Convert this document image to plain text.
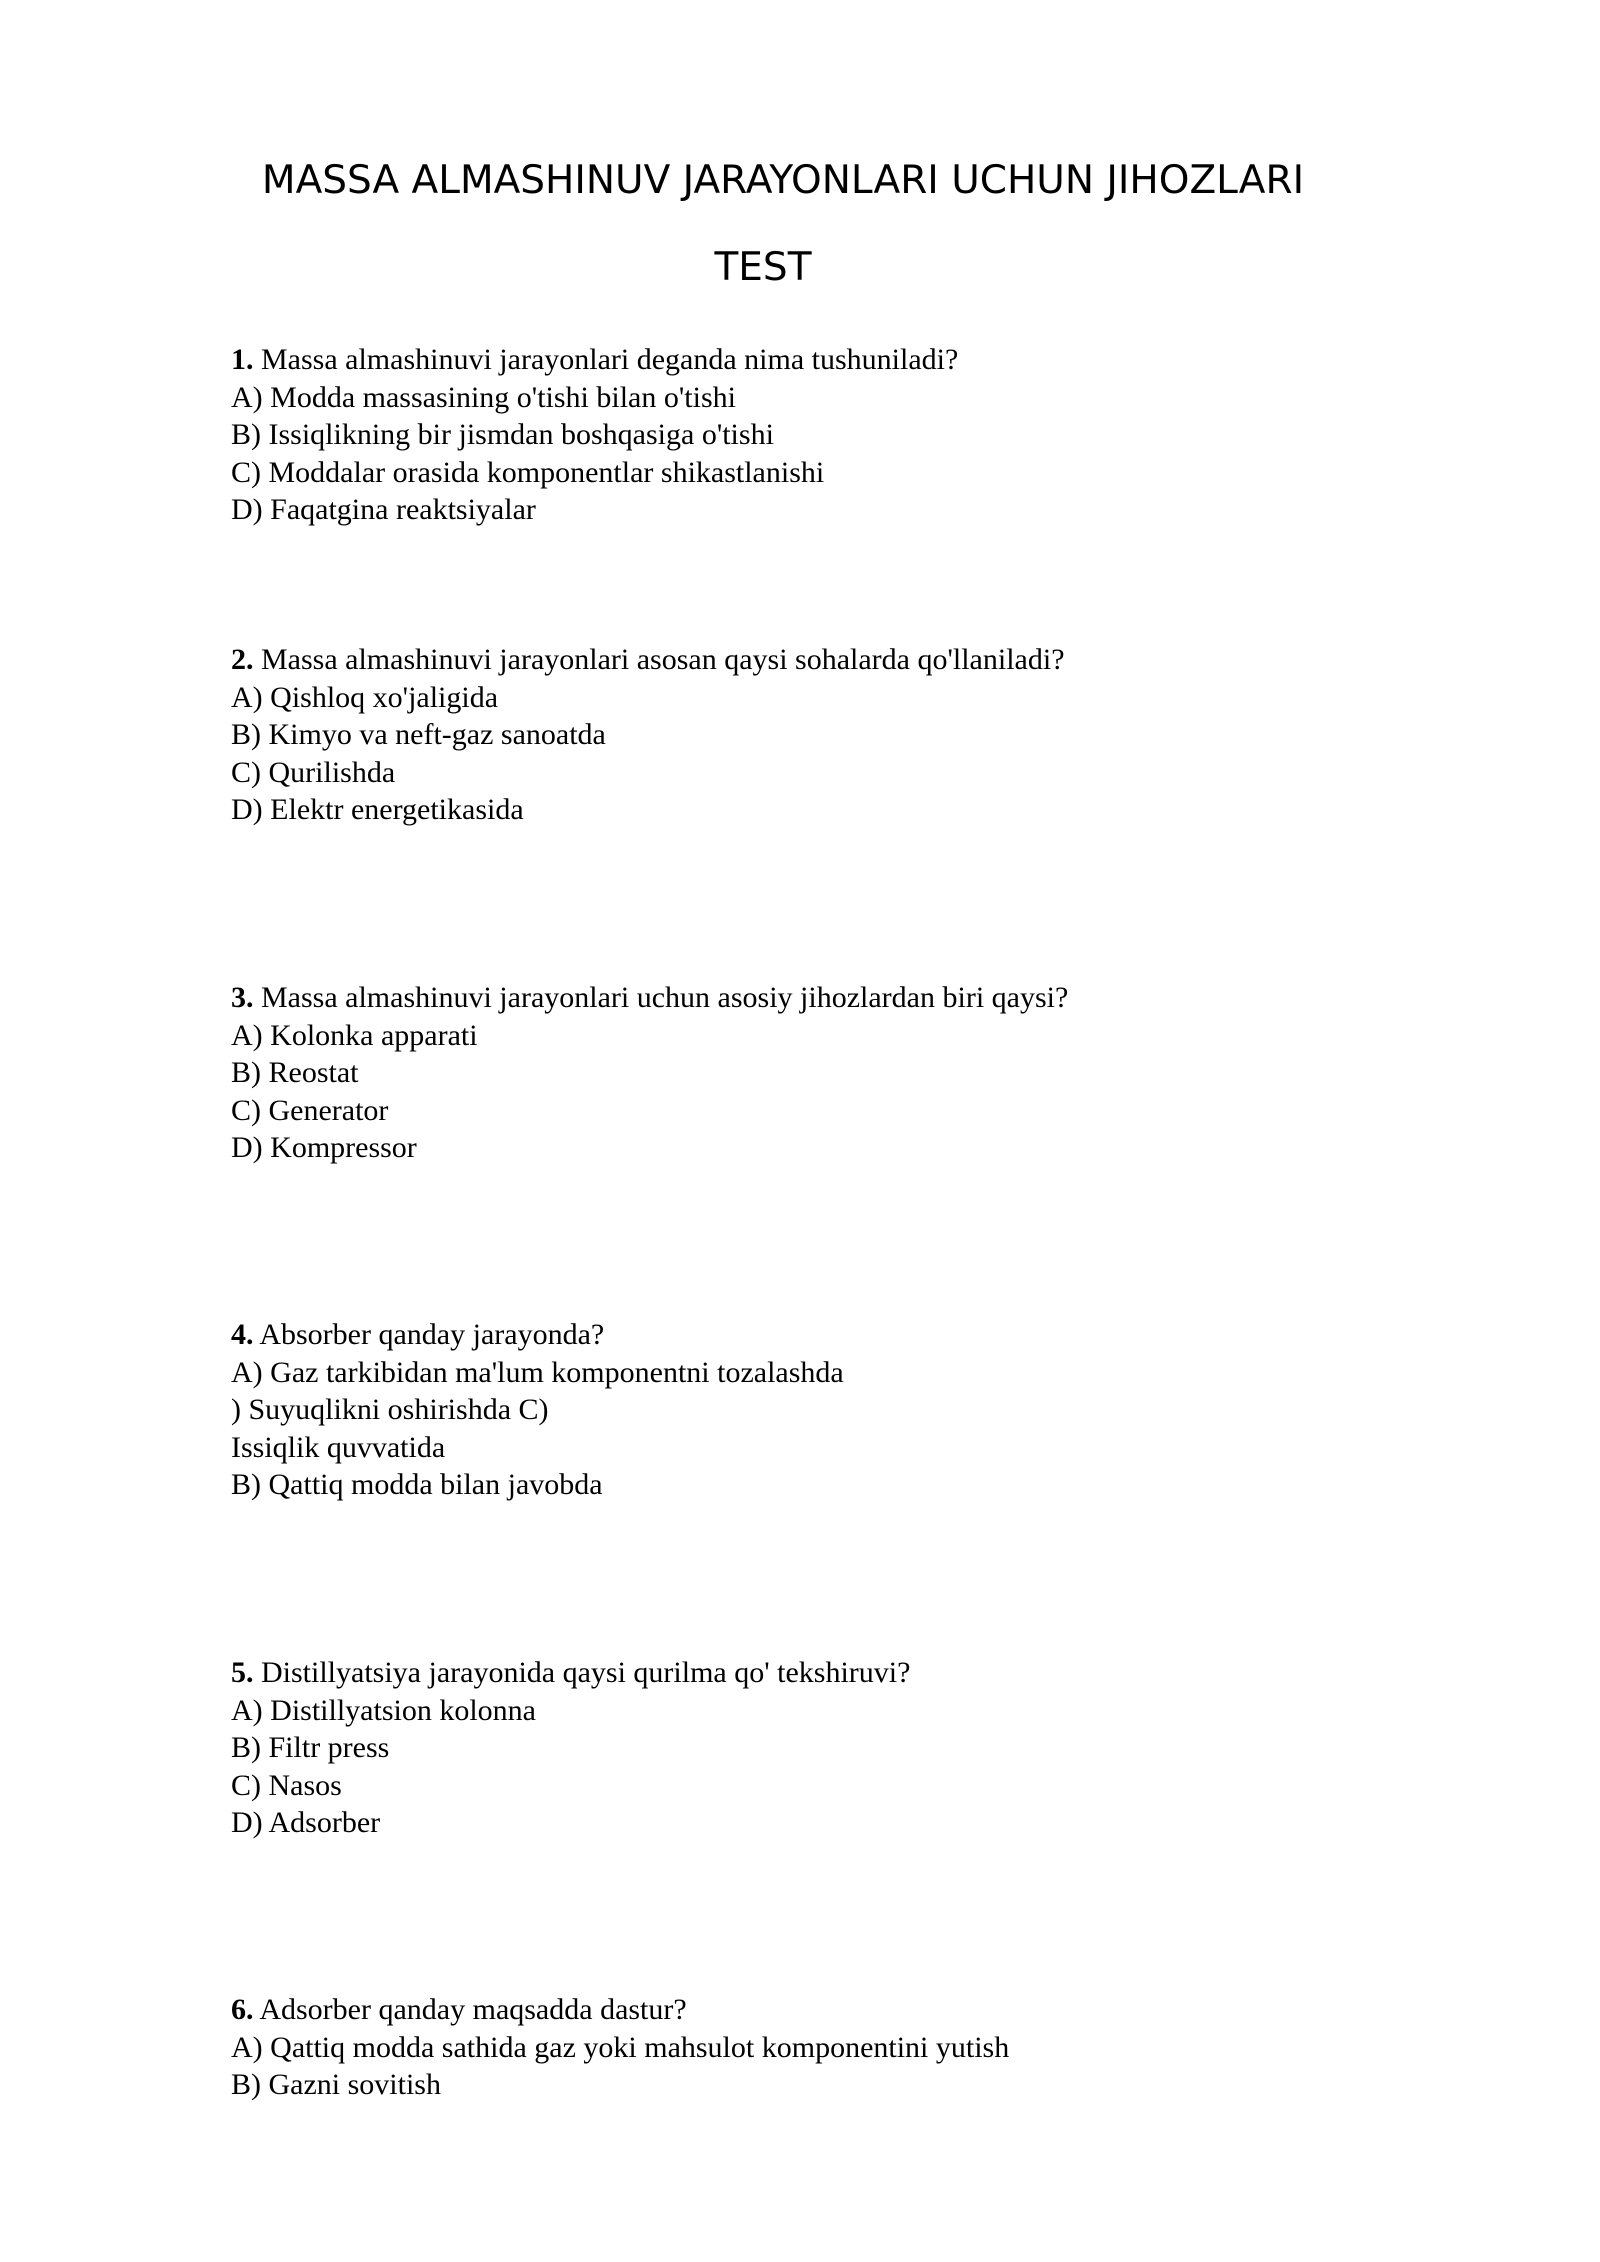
MASSA ALMASHINUV JARAYONLARI UCHUN JIHOZLARI
TEST
1. Massa almashinuvi jarayonlari deganda nima tushuniladi?
A) Modda massasining o'tishi bilan o'tishi
B) Issiqlikning bir jismdan boshqasiga o'tishi
C) Moddalar orasida komponentlar shikastlanishi
D) Faqatgina reaktsiyalar
2. Massa almashinuvi jarayonlari asosan qaysi sohalarda qo'llaniladi?
A) Qishloq xo'jaligida
B) Kimyo va neft-gaz sanoatda
C) Qurilishda
D) Elektr energetikasida
3. Massa almashinuvi jarayonlari uchun asosiy jihozlardan biri qaysi?
A) Kolonka apparati
B) Reostat
C) Generator
D) Kompressor
4. Absorber qanday jarayonda?
A) Gaz tarkibidan ma'lum komponentni tozalashda
) Suyuqlikni oshirishda C)
Issiqlik quvvatida
B) Qattiq modda bilan javobda
5. Distillyatsiya jarayonida qaysi qurilma qo' tekshiruvi?
A) Distillyatsion kolonna
B) Filtr press
C) Nasos
D) Adsorber
6. Adsorber qanday maqsadda dastur?
A) Qattiq modda sathida gaz yoki mahsulot komponentini yutish
B) Gazni sovitish
